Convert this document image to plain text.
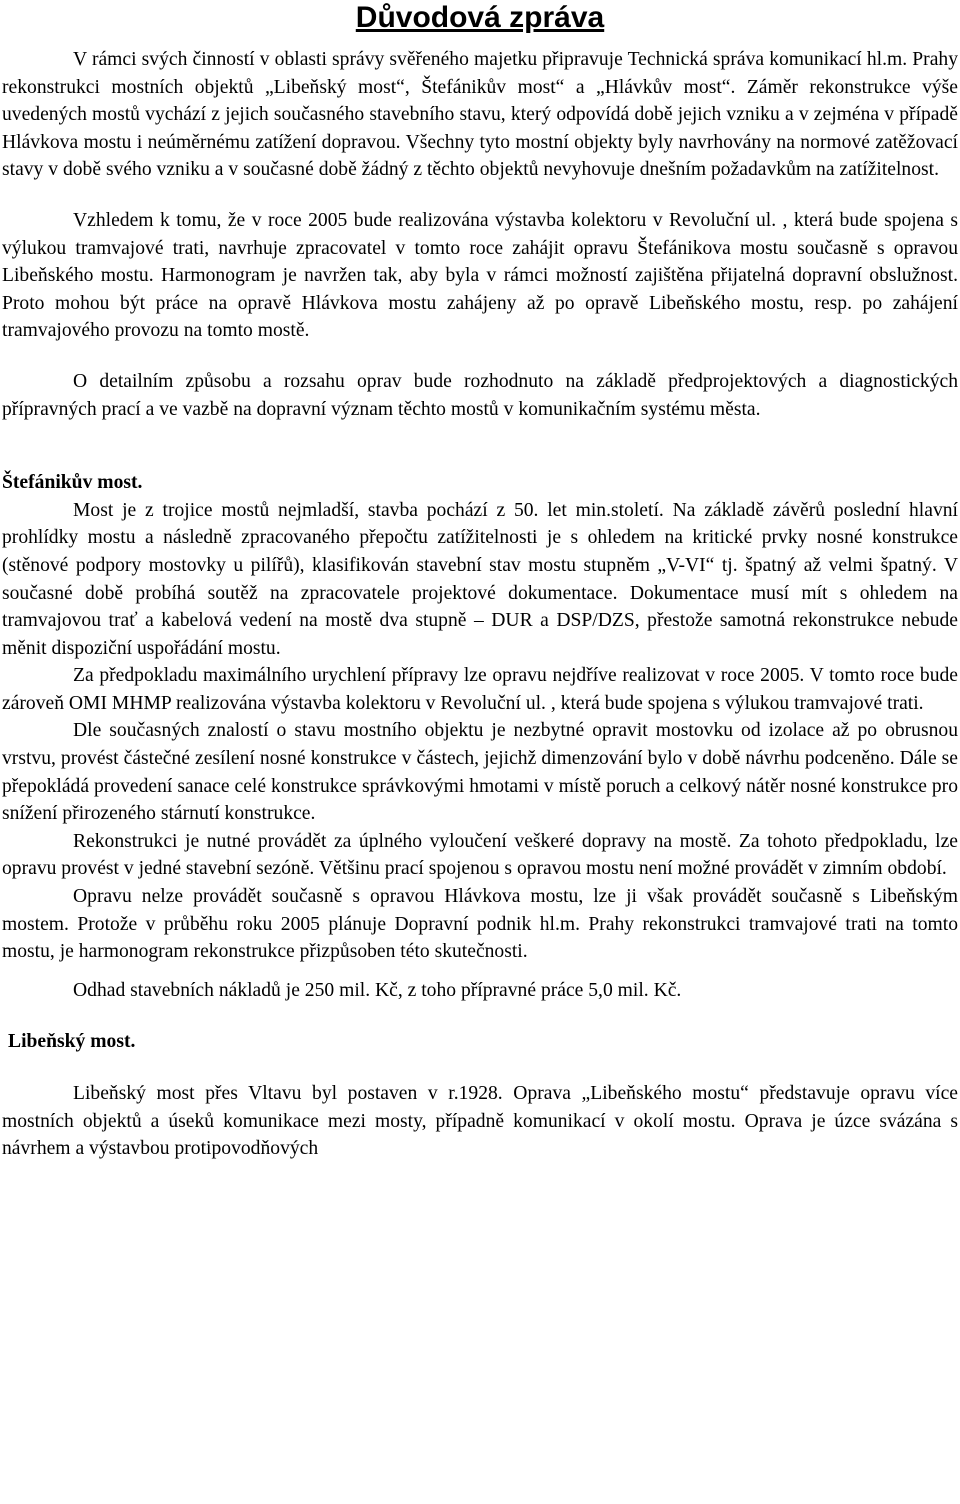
Důvodová zpráva

V rámci svých činností v oblasti správy svěřeného majetku připravuje Technická správa komunikací hl.m. Prahy rekonstrukci mostních objektů „Libeňský most“, Štefánikův most“ a „Hlávkův most“. Záměr rekonstrukce výše uvedených mostů vychází z jejich současného stavebního stavu, který odpovídá době jejich vzniku a v zejména v případě Hlávkova mostu i neúměrnému zatížení dopravou. Všechny tyto mostní objekty byly navrhovány na normové zatěžovací stavy v době svého vzniku a v současné době žádný z těchto objektů nevyhovuje dnešním požadavkům na zatížitelnost.

Vzhledem k tomu, že v roce 2005 bude realizována výstavba kolektoru v Revoluční ul. , která bude spojena s výlukou tramvajové trati, navrhuje zpracovatel v tomto roce zahájit opravu Štefánikova mostu současně s opravou Libeňského mostu. Harmonogram je navržen tak, aby byla v rámci možností zajištěna přijatelná dopravní obslužnost. Proto mohou být práce na opravě Hlávkova mostu zahájeny až po opravě Libeňského mostu, resp. po zahájení tramvajového provozu na tomto mostě.

O detailním způsobu a rozsahu oprav bude rozhodnuto na základě předprojektových a diagnostických přípravných prací a ve vazbě na dopravní význam těchto mostů v komunikačním systému města.

Štefánikův most.

Most je z trojice mostů nejmladší, stavba pochází z 50. let min.století. Na základě závěrů poslední hlavní prohlídky mostu a následně zpracovaného přepočtu zatížitelnosti je s ohledem na kritické prvky nosné konstrukce (stěnové podpory mostovky u pilířů), klasifikován stavební stav mostu stupněm „V-VI“ tj. špatný až velmi špatný. V současné době probíhá soutěž na zpracovatele projektové dokumentace. Dokumentace musí mít s ohledem na tramvajovou trať a kabelová vedení na mostě dva stupně – DUR a DSP/DZS, přestože samotná rekonstrukce nebude měnit dispoziční uspořádání mostu.

Za předpokladu maximálního urychlení přípravy lze opravu nejdříve realizovat v roce 2005. V tomto roce bude zároveň OMI MHMP realizována výstavba kolektoru v Revoluční ul. , která bude spojena s výlukou tramvajové trati.

Dle současných znalostí o stavu mostního objektu je nezbytné opravit mostovku od izolace až po obrusnou vrstvu, provést částečné zesílení nosné konstrukce v částech, jejichž dimenzování bylo v době návrhu podceněno. Dále se přepokládá provedení sanace celé konstrukce správkovými hmotami v místě poruch a celkový nátěr nosné konstrukce pro snížení přirozeného stárnutí konstrukce.

Rekonstrukci je nutné provádět za úplného vyloučení veškeré dopravy na mostě. Za tohoto předpokladu, lze opravu provést v jedné stavební sezóně. Většinu prací spojenou s opravou mostu není možné provádět v zimním období.

Opravu nelze provádět současně s opravou Hlávkova mostu, lze ji však provádět současně s Libeňským mostem. Protože v průběhu roku 2005 plánuje Dopravní podnik hl.m. Prahy rekonstrukci tramvajové trati na tomto mostu, je harmonogram rekonstrukce přizpůsoben této skutečnosti.

Odhad stavebních nákladů je 250 mil. Kč, z toho přípravné práce 5,0 mil. Kč.

Libeňský most.

Libeňský most přes Vltavu byl postaven v r.1928. Oprava „Libeňského mostu“ představuje opravu více mostních objektů a úseků komunikace mezi mosty, případně komunikací v okolí mostu. Oprava je úzce svázána s návrhem a výstavbou protipovodňových
